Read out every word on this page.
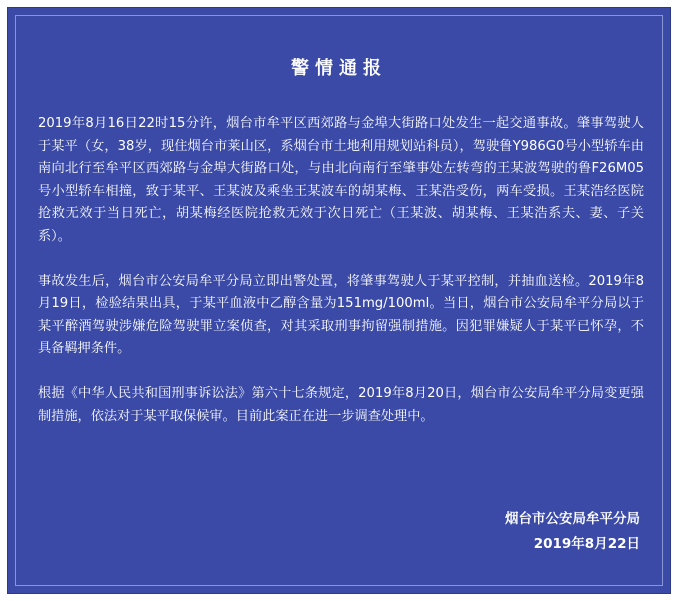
警情通报

2019年8月16日22时15分许，烟台市牟平区西郊路与金埠大街路口处发生一起交通事故。肇事驾驶人于某平（女，38岁，现住烟台市莱山区，系烟台市土地利用规划站科员），驾驶鲁Y986G0号小型轿车由南向北行至牟平区西郊路与金埠大街路口处，与由北向南行至肇事处左转弯的王某波驾驶的鲁F26M05号小型轿车相撞，致于某平、王某波及乘坐王某波车的胡某梅、王某浩受伤，两车受损。王某浩经医院抢救无效于当日死亡，胡某梅经医院抢救无效于次日死亡（王某波、胡某梅、王某浩系夫、妻、子关系）。

事故发生后，烟台市公安局牟平分局立即出警处置，将肇事驾驶人于某平控制，并抽血送检。2019年8月19日，检验结果出具，于某平血液中乙醇含量为151mg/100ml。当日，烟台市公安局牟平分局以于某平醉酒驾驶涉嫌危险驾驶罪立案侦查，对其采取刑事拘留强制措施。因犯罪嫌疑人于某平已怀孕，不具备羁押条件。

根据《中华人民共和国刑事诉讼法》第六十七条规定，2019年8月20日，烟台市公安局牟平分局变更强制措施，依法对于某平取保候审。目前此案正在进一步调查处理中。

烟台市公安局牟平分局
2019年8月22日
